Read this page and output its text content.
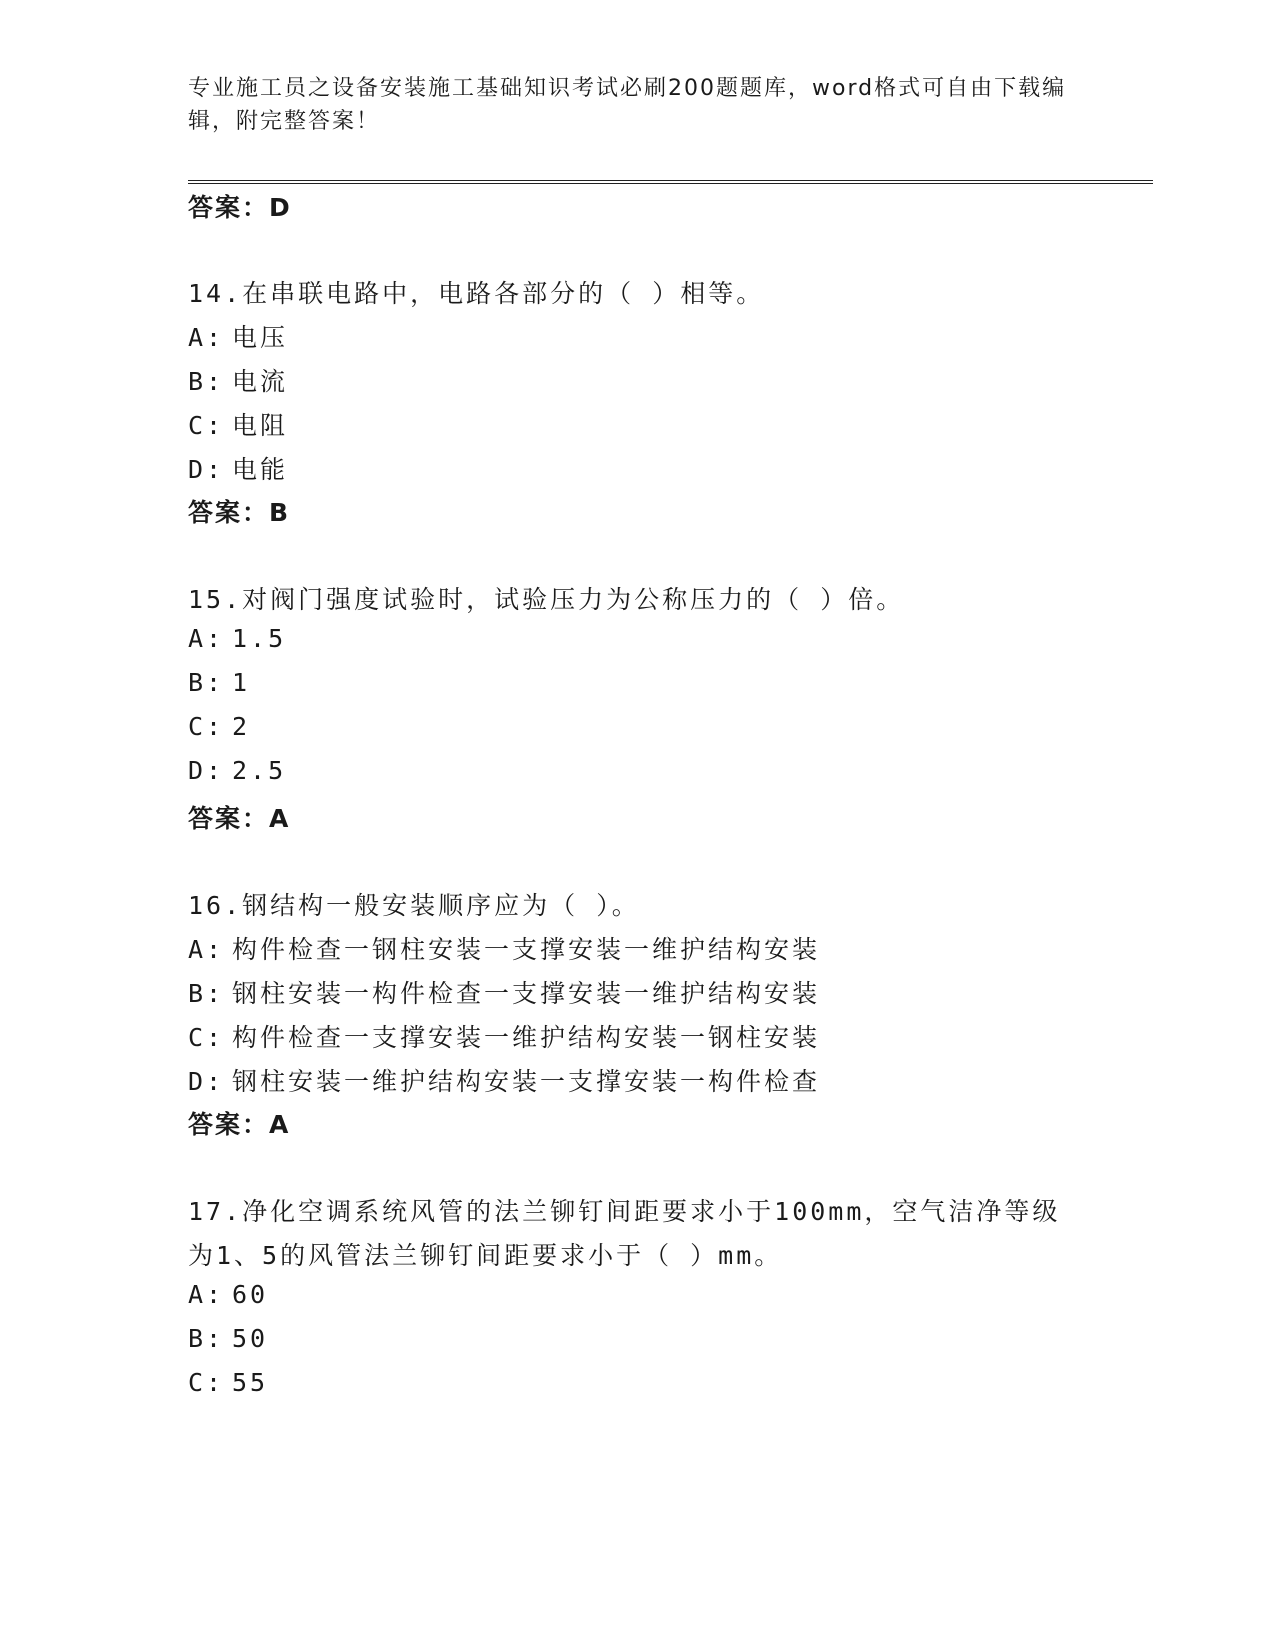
专业施工员之设备安装施工基础知识考试必刷200题题库，word格式可自由下载编辑，附完整答案！
答案：D
14.在串联电路中，电路各部分的（ ）相等。
A: 电压
B: 电流
C: 电阻
D: 电能
答案：B
15.对阀门强度试验时，试验压力为公称压力的（ ）倍。
A: 1.5
B: 1
C: 2
D: 2.5
答案：A
16.钢结构一般安装顺序应为（ ）。
A: 构件检查一钢柱安装一支撑安装一维护结构安装
B: 钢柱安装一构件检查一支撑安装一维护结构安装
C: 构件检查一支撑安装一维护结构安装一钢柱安装
D: 钢柱安装一维护结构安装一支撑安装一构件检查
答案：A
17.净化空调系统风管的法兰铆钉间距要求小于100mm，空气洁净等级
为1、5的风管法兰铆钉间距要求小于（ ）mm。
A: 60
B: 50
C: 55
